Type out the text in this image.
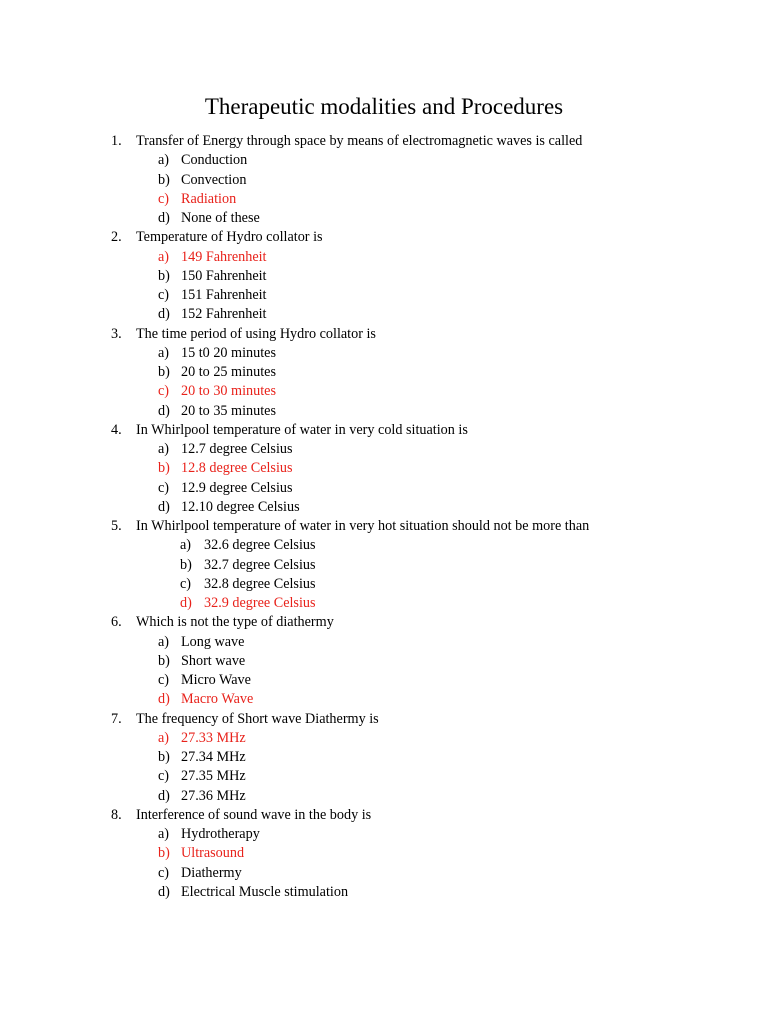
Therapeutic modalities and Procedures
1.	Transfer of Energy through space by means of electromagnetic waves is called
a) Conduction
b) Convection
c) Radiation
d) None of these
2.	Temperature of Hydro collator is
a) 149 Fahrenheit
b) 150 Fahrenheit
c) 151 Fahrenheit
d) 152 Fahrenheit
3.	The time period of using Hydro collator is
a) 15 t0 20 minutes
b) 20 to 25 minutes
c) 20 to 30 minutes
d) 20 to 35 minutes
4.	In Whirlpool temperature of water in very cold situation is
a) 12.7 degree Celsius
b) 12.8 degree Celsius
c) 12.9 degree Celsius
d) 12.10 degree Celsius
5.	In Whirlpool temperature of water in very hot situation should not be more than
a) 32.6 degree Celsius
b) 32.7 degree Celsius
c) 32.8 degree Celsius
d) 32.9 degree Celsius
6.	Which is not the type of diathermy
a) Long wave
b) Short wave
c) Micro Wave
d) Macro Wave
7.	The frequency of Short wave Diathermy is
a) 27.33 MHz
b) 27.34 MHz
c) 27.35 MHz
d) 27.36 MHz
8.	Interference of sound wave in the body is
a) Hydrotherapy
b) Ultrasound
c) Diathermy
d) Electrical Muscle stimulation
